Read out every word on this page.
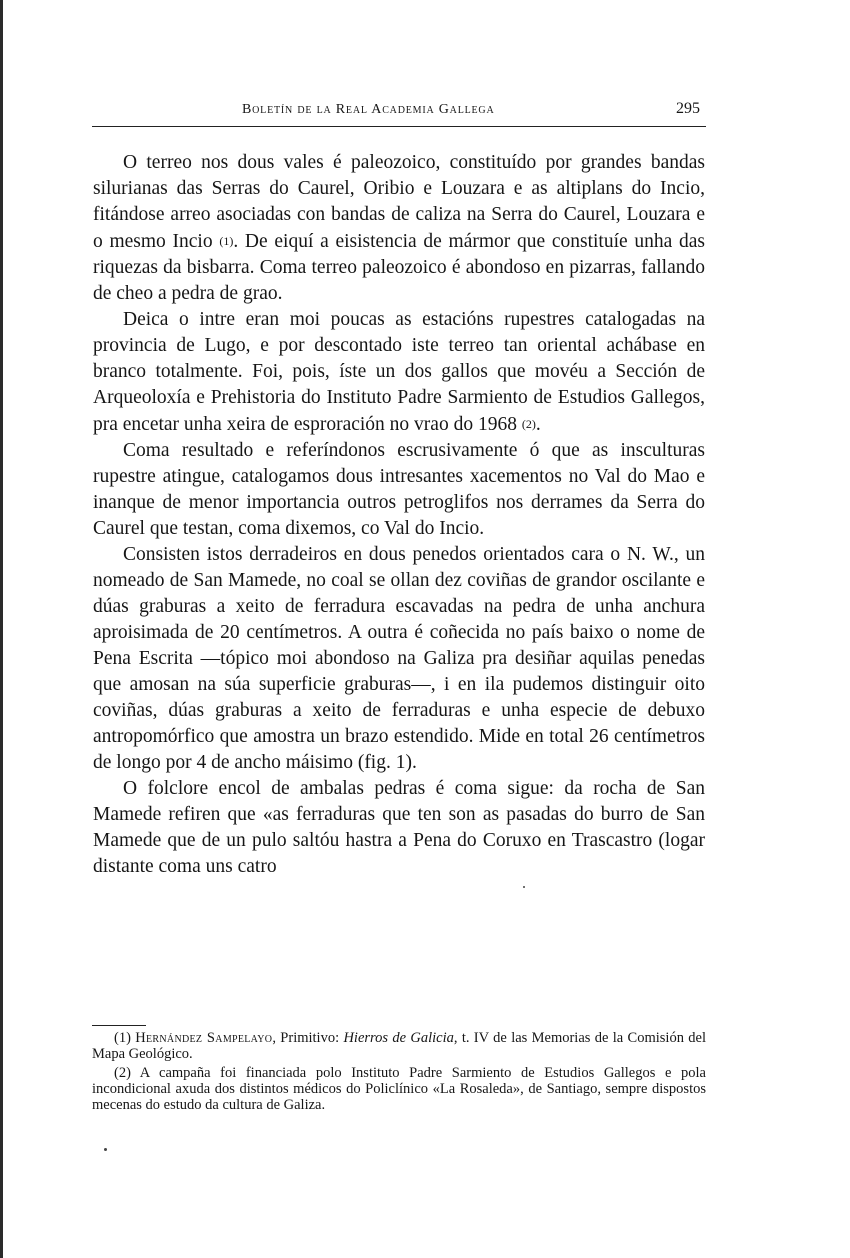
Boletín de la Real Academia Gallega	295

O terreo nos dous vales é paleozoico, constituído por grandes bandas silurianas das Serras do Caurel, Oribio e Louzara e as altiplans do Incio, fitándose arreo asociadas con bandas de caliza na Serra do Caurel, Louzara e o mesmo Incio (1). De eiquí a eisistencia de mármor que constituíe unha das riquezas da bisbarra. Coma terreo paleozoico é abondoso en pizarras, fallando de cheo a pedra de grao.

Deica o intre eran moi poucas as estacións rupestres catalogadas na provincia de Lugo, e por descontado iste terreo tan oriental achábase en branco totalmente. Foi, pois, íste un dos gallos que movéu a Sección de Arqueoloxía e Prehistoria do Instituto Padre Sarmiento de Estudios Gallegos, pra encetar unha xeira de esproración no vrao do 1968 (2).

Coma resultado e referíndonos escrusivamente ó que as insculturas rupestre atingue, catalogamos dous intresantes xacementos no Val do Mao e inanque de menor importancia outros petroglifos nos derrames da Serra do Caurel que testan, coma dixemos, co Val do Incio.

Consisten istos derradeiros en dous penedos orientados cara o N. W., un nomeado de San Mamede, no coal se ollan dez coviñas de grandor oscilante e dúas graburas a xeito de ferradura escavadas na pedra de unha anchura aproisimada de 20 centímetros. A outra é coñecida no país baixo o nome de Pena Escrita —tópico moi abondoso na Galiza pra desiñar aquilas penedas que amosan na súa superficie graburas—, i en ila pudemos distinguir oito coviñas, dúas graburas a xeito de ferraduras e unha especie de debuxo antropomórfico que amostra un brazo estendido. Mide en total 26 centímetros de longo por 4 de ancho máisimo (fig. 1).

O folclore encol de ambalas pedras é coma sigue: da rocha de San Mamede refiren que «as ferraduras que ten son as pasadas do burro de San Mamede que de un pulo saltóu hastra a Pena do Coruxo en Trascastro (logar distante coma uns catro

(1) Hernández Sampelayo, Primitivo: Hierros de Galicia, t. IV de las Memorias de la Comisión del Mapa Geológico.

(2) A campaña foi financiada polo Instituto Padre Sarmiento de Estudios Gallegos e pola incondicional axuda dos distintos médicos do Policlínico «La Rosaleda», de Santiago, sempre dispostos mecenas do estudo da cultura de Galiza.
